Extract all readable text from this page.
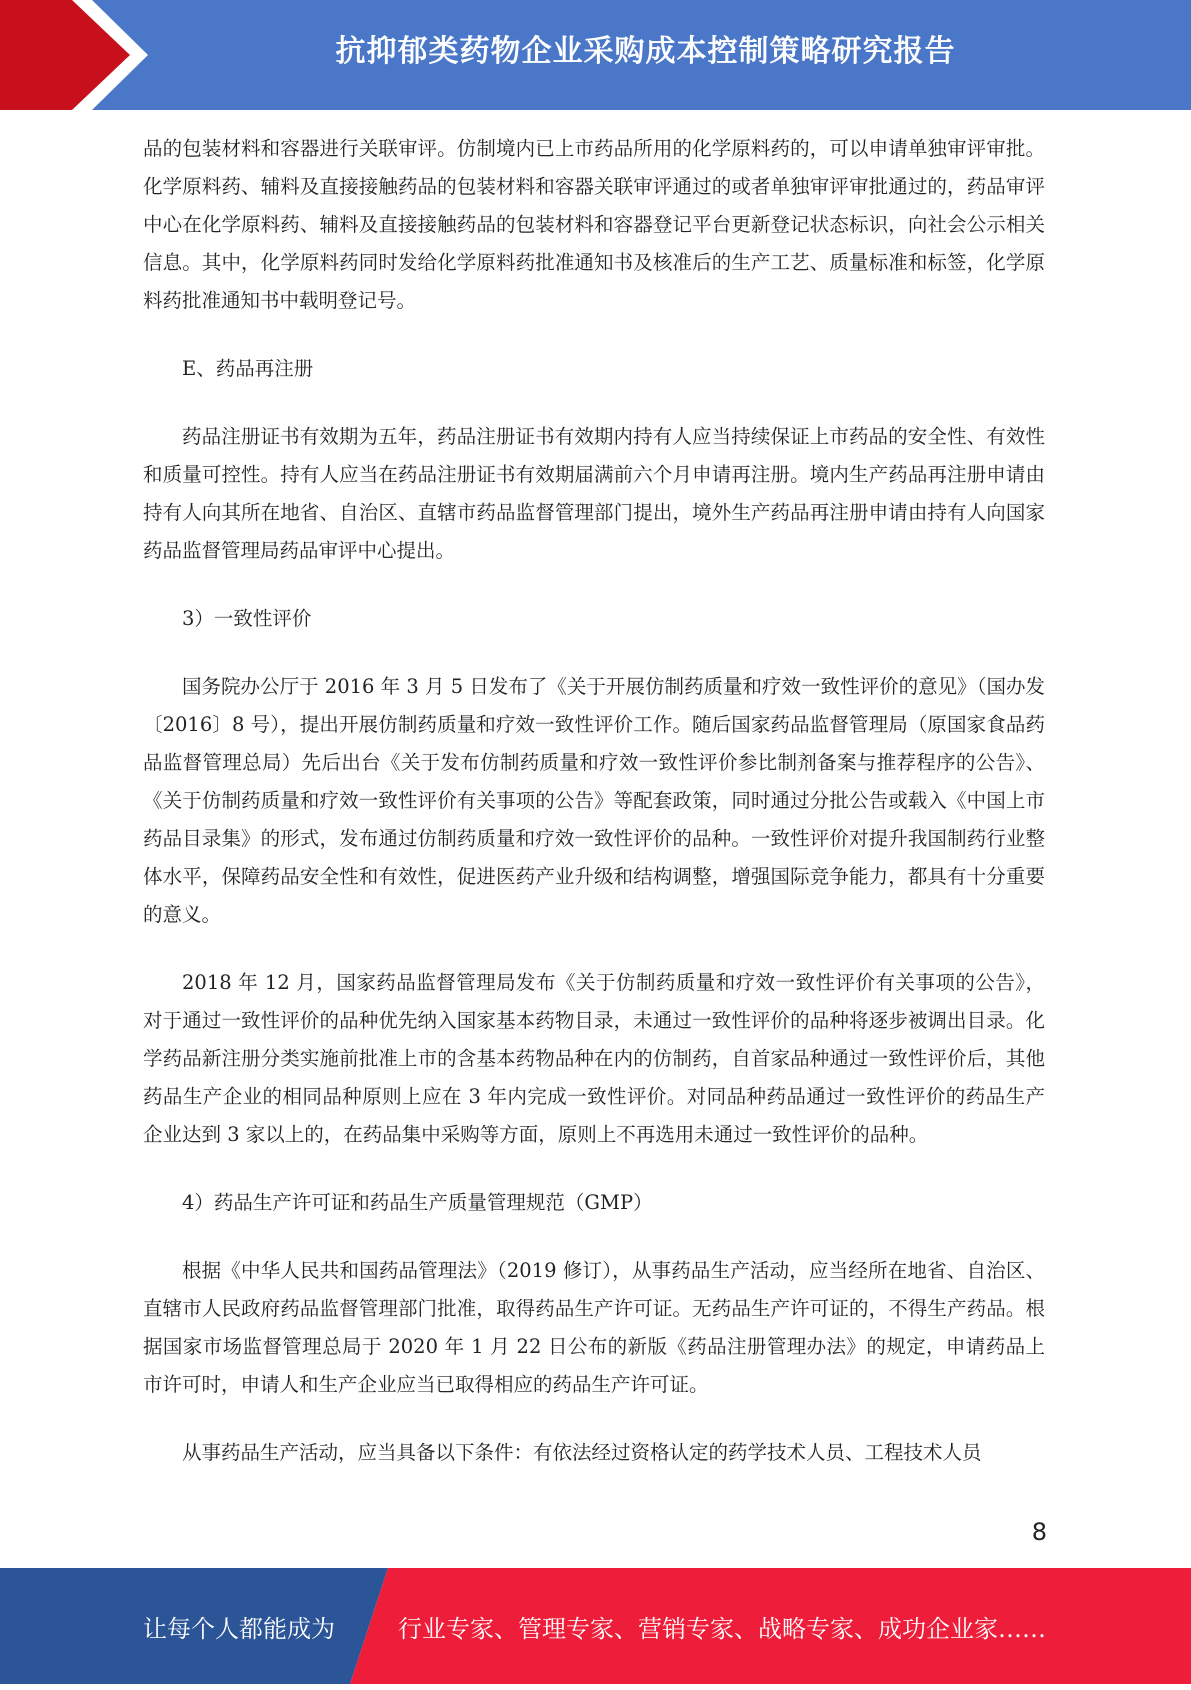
抗抑郁类药物企业采购成本控制策略研究报告

品的包装材料和容器进行关联审评。仿制境内已上市药品所用的化学原料药的，可以申请单独审评审批。化学原料药、辅料及直接接触药品的包装材料和容器关联审评通过的或者单独审评审批通过的，药品审评中心在化学原料药、辅料及直接接触药品的包装材料和容器登记平台更新登记状态标识，向社会公示相关信息。其中，化学原料药同时发给化学原料药批准通知书及核准后的生产工艺、质量标准和标签，化学原料药批准通知书中载明登记号。

E、药品再注册

药品注册证书有效期为五年，药品注册证书有效期内持有人应当持续保证上市药品的安全性、有效性和质量可控性。持有人应当在药品注册证书有效期届满前六个月申请再注册。境内生产药品再注册申请由持有人向其所在地省、自治区、直辖市药品监督管理部门提出，境外生产药品再注册申请由持有人向国家药品监督管理局药品审评中心提出。

3）一致性评价

国务院办公厅于 2016 年 3 月 5 日发布了《关于开展仿制药质量和疗效一致性评价的意见》（国办发〔2016〕8 号），提出开展仿制药质量和疗效一致性评价工作。随后国家药品监督管理局（原国家食品药品监督管理总局）先后出台《关于发布仿制药质量和疗效一致性评价参比制剂备案与推荐程序的公告》、《关于仿制药质量和疗效一致性评价有关事项的公告》等配套政策，同时通过分批公告或载入《中国上市药品目录集》的形式，发布通过仿制药质量和疗效一致性评价的品种。一致性评价对提升我国制药行业整体水平，保障药品安全性和有效性，促进医药产业升级和结构调整，增强国际竞争能力，都具有十分重要的意义。

2018 年 12 月，国家药品监督管理局发布《关于仿制药质量和疗效一致性评价有关事项的公告》，对于通过一致性评价的品种优先纳入国家基本药物目录，未通过一致性评价的品种将逐步被调出目录。化学药品新注册分类实施前批准上市的含基本药物品种在内的仿制药，自首家品种通过一致性评价后，其他药品生产企业的相同品种原则上应在 3 年内完成一致性评价。对同品种药品通过一致性评价的药品生产企业达到 3 家以上的，在药品集中采购等方面，原则上不再选用未通过一致性评价的品种。

4）药品生产许可证和药品生产质量管理规范（GMP）

根据《中华人民共和国药品管理法》（2019 修订），从事药品生产活动，应当经所在地省、自治区、直辖市人民政府药品监督管理部门批准，取得药品生产许可证。无药品生产许可证的，不得生产药品。根据国家市场监督管理总局于 2020 年 1 月 22 日公布的新版《药品注册管理办法》的规定，申请药品上市许可时，申请人和生产企业应当已取得相应的药品生产许可证。

从事药品生产活动，应当具备以下条件：有依法经过资格认定的药学技术人员、工程技术人员

8
让每个人都能成为	行业专家、管理专家、营销专家、战略专家、成功企业家……
